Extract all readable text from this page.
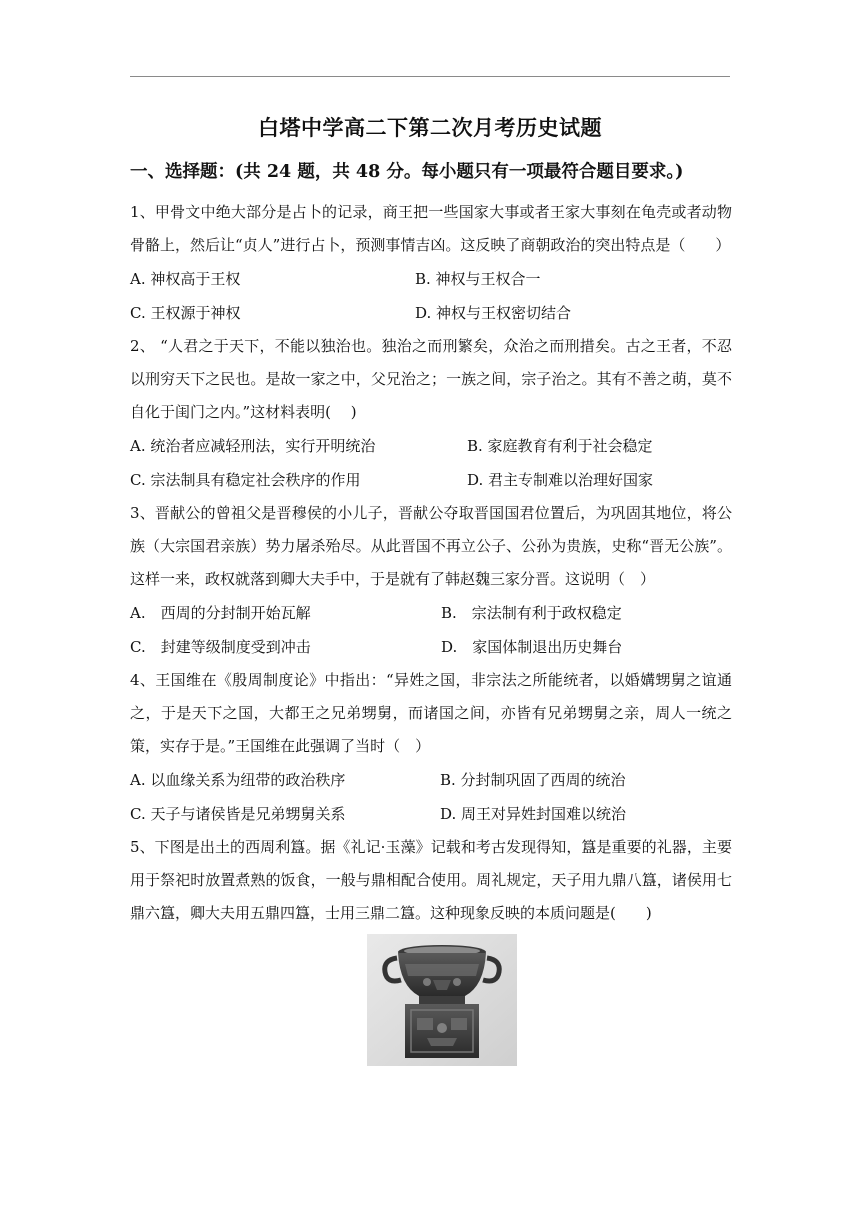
白塔中学高二下第二次月考历史试题
一、选择题：(共 24 题，共 48 分。每小题只有一项最符合题目要求。)

1、甲骨文中绝大部分是占卜的记录，商王把一些国家大事或者王家大事刻在龟壳或者动物骨骼上，然后让“贞人”进行占卜，预测事情吉凶。这反映了商朝政治的突出特点是（　　）

A. 神权高于王权	B. 神权与王权合一
C. 王权源于神权	D. 神权与王权密切结合

2、 “人君之于天下，不能以独治也。独治之而刑繁矣，众治之而刑措矣。古之王者，不忍以刑穷天下之民也。是故一家之中，父兄治之；一族之间，宗子治之。其有不善之萌，莫不自化于闺门之内。”这材料表明(　 )

A. 统治者应减轻刑法，实行开明统治	B. 家庭教育有利于社会稳定
C. 宗法制具有稳定社会秩序的作用	D. 君主专制难以治理好国家

3、晋献公的曾祖父是晋穆侯的小儿子，晋献公夺取晋国国君位置后，为巩固其地位，将公族（大宗国君亲族）势力屠杀殆尽。从此晋国不再立公子、公孙为贵族，史称“晋无公族”。这样一来，政权就落到卿大夫手中，于是就有了韩赵魏三家分晋。这说明（　）

A.　西周的分封制开始瓦解	B.　宗法制有利于政权稳定
C.　封建等级制度受到冲击	D.　家国体制退出历史舞台

4、王国维在《殷周制度论》中指出：“异姓之国，非宗法之所能统者，以婚媾甥舅之谊通之，于是天下之国，大都王之兄弟甥舅，而诸国之间，亦皆有兄弟甥舅之亲，周人一统之策，实存于是。”王国维在此强调了当时（　）

A. 以血缘关系为纽带的政治秩序	B. 分封制巩固了西周的统治
C. 天子与诸侯皆是兄弟甥舅关系	D. 周王对异姓封国难以统治

5、下图是出土的西周利簋。据《礼记·玉藻》记载和考古发现得知，簋是重要的礼器，主要用于祭祀时放置煮熟的饭食，一般与鼎相配合使用。周礼规定，天子用九鼎八簋，诸侯用七鼎六簋，卿大夫用五鼎四簋，士用三鼎二簋。这种现象反映的本质问题是(　　)
